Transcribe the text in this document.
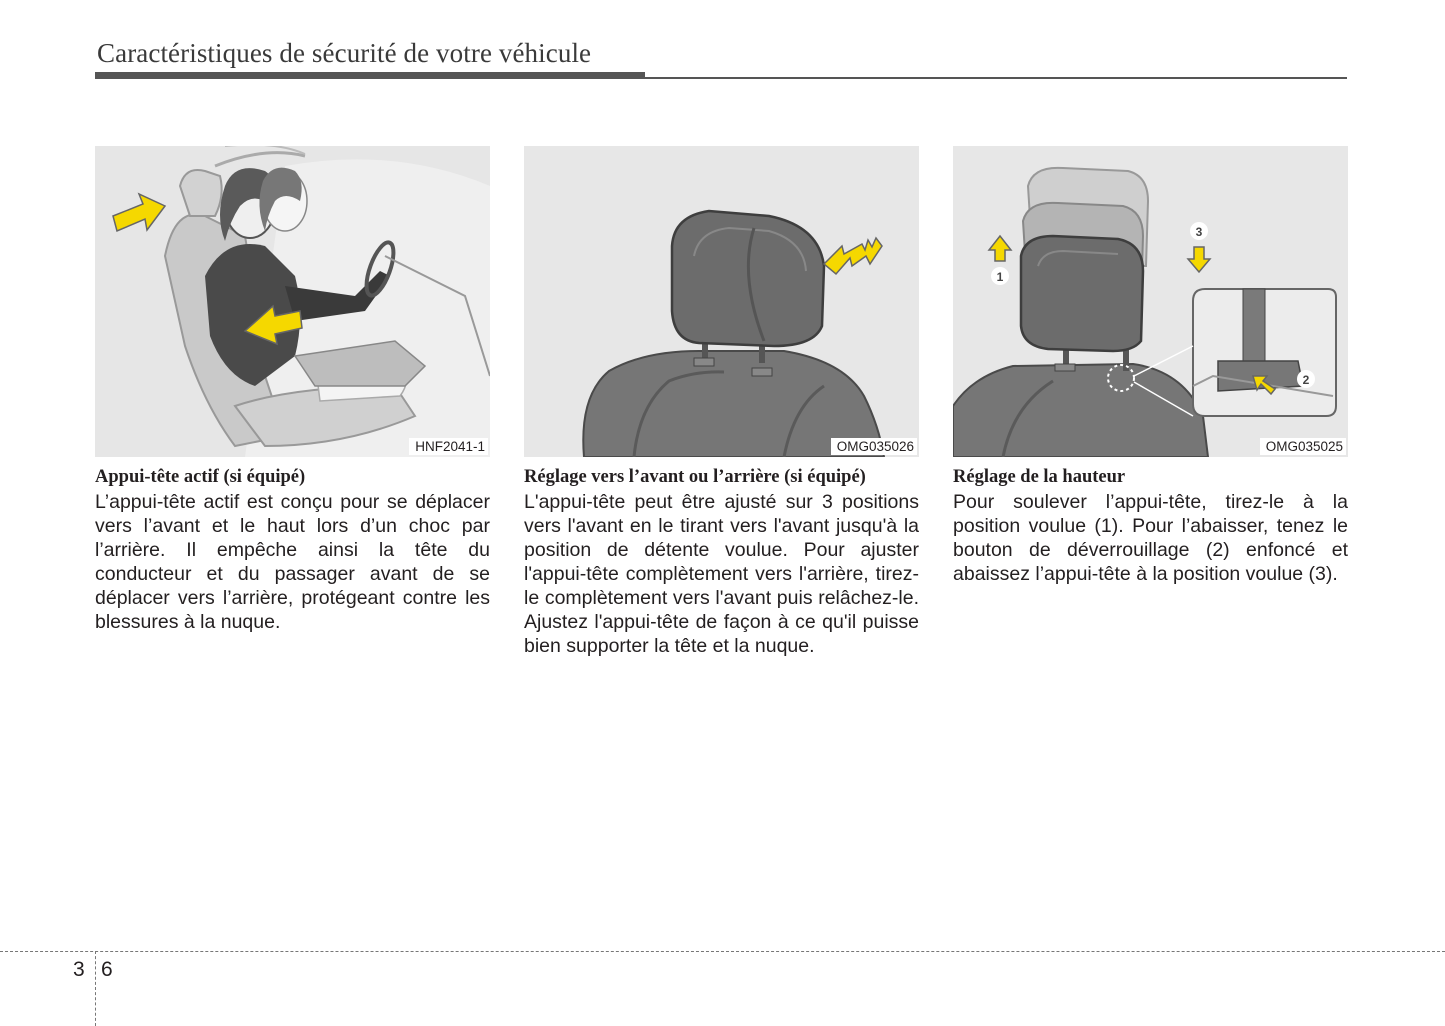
Caractéristiques de sécurité de votre véhicule
HNF2041-1
Appui-tête actif (si équipé)
L’appui-tête actif est conçu pour se déplacer vers l’avant et le haut lors d’un choc par l’arrière. Il empêche ainsi la tête du conducteur et du passager avant de se déplacer vers l’arrière, protégeant contre les blessures à la nuque.
OMG035026
Réglage vers l’avant ou l’arrière (si équipé)
L'appui-tête peut être ajusté sur 3 positions vers l'avant en le tirant vers l'avant jusqu'à la position de détente voulue. Pour ajuster l'appui-tête complètement vers l'arrière, tirez-le complètement vers l'avant puis relâchez-le. Ajustez l'appui-tête de façon à ce qu'il puisse bien supporter la tête et la nuque.
1
3
2
OMG035025
Réglage de la hauteur
Pour soulever l’appui-tête, tirez-le à la position voulue (1). Pour l’abaisser, tenez le bouton de déverrouillage (2) enfoncé et abaissez l’appui-tête à la position voulue (3).
3 6
